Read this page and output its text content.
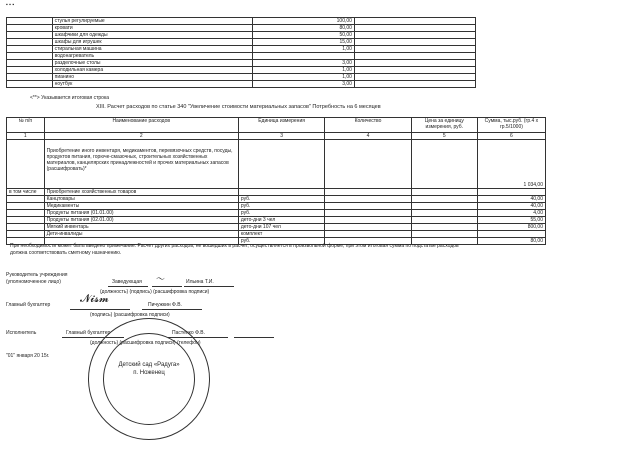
▪ ▪ ▪
	стулья регулируемые	100,00	
	кровати	80,00	
	шкафчики для одежды	50,00	
	шкафы для игрушек	15,00	
	стиральная машина	1,00	
	водонагреватель		
	разделочные столы	3,00	
	холодильная камера	1,00	
	пианино	1,00	
	ноутбук	3,00	
<**> Указывается итоговая строка
XIII. Расчет расходов по статье 340 "Увеличение стоимости материальных запасов" Потребность на 6 месяцев
№ п/п	Наименование расходов	Единица измерения	Количество	Цена за единицу измерения, руб.	Сумма, тыс.руб. (гр.4 х гр.5/1000)
1	2	3	4	5	6
	Приобретение иного инвентаря, медикаментов, перевязочных средств, посуды, продуктов питания, горюче-смазочных, строительных хозяйственных материалов, канцелярских принадлежностей и прочих материальных запасов (расшифровать)*				1 034,00
в том числе	Приобретение хозяйственных товаров				
	Канцтовары	руб.			40,00
	Медикаменты	руб.			40,00
	Продукты питания (01.01.00)	руб.			4,00
	Продукты питания (02.01.00)	дето-дни 3 чел			55,00
	Мягкий инвентарь	дето-дни 107 чел			800,00
	Дети-инвалиды	комплект			
		руб.			80,00
При необходимости может быть введено примечание. Расчет других расходов, не вошедших в расчет, осуществляется в произвольной форме, при этом итоговая сумма по подстатье расходов должна соответствовать сметному назначению.
Руководитель учреждения
(уполномоченное лицо)	Заведующая 〜	Ильина Т.И.
(должность) (подпись) (расшифровка подписи)
Главный бухгалтер	𝓝𝓲𝓼𝓶	Пичужкин Ф.В.
(подпись) (расшифровка подписи)
Исполнитель	Главный бухгалтер	Пастенко Ф.В.
(должность) (расшифровка подписи) (телефон)
"01" января 20 15г.
Детский сад «Радуга» п. Ноженец
